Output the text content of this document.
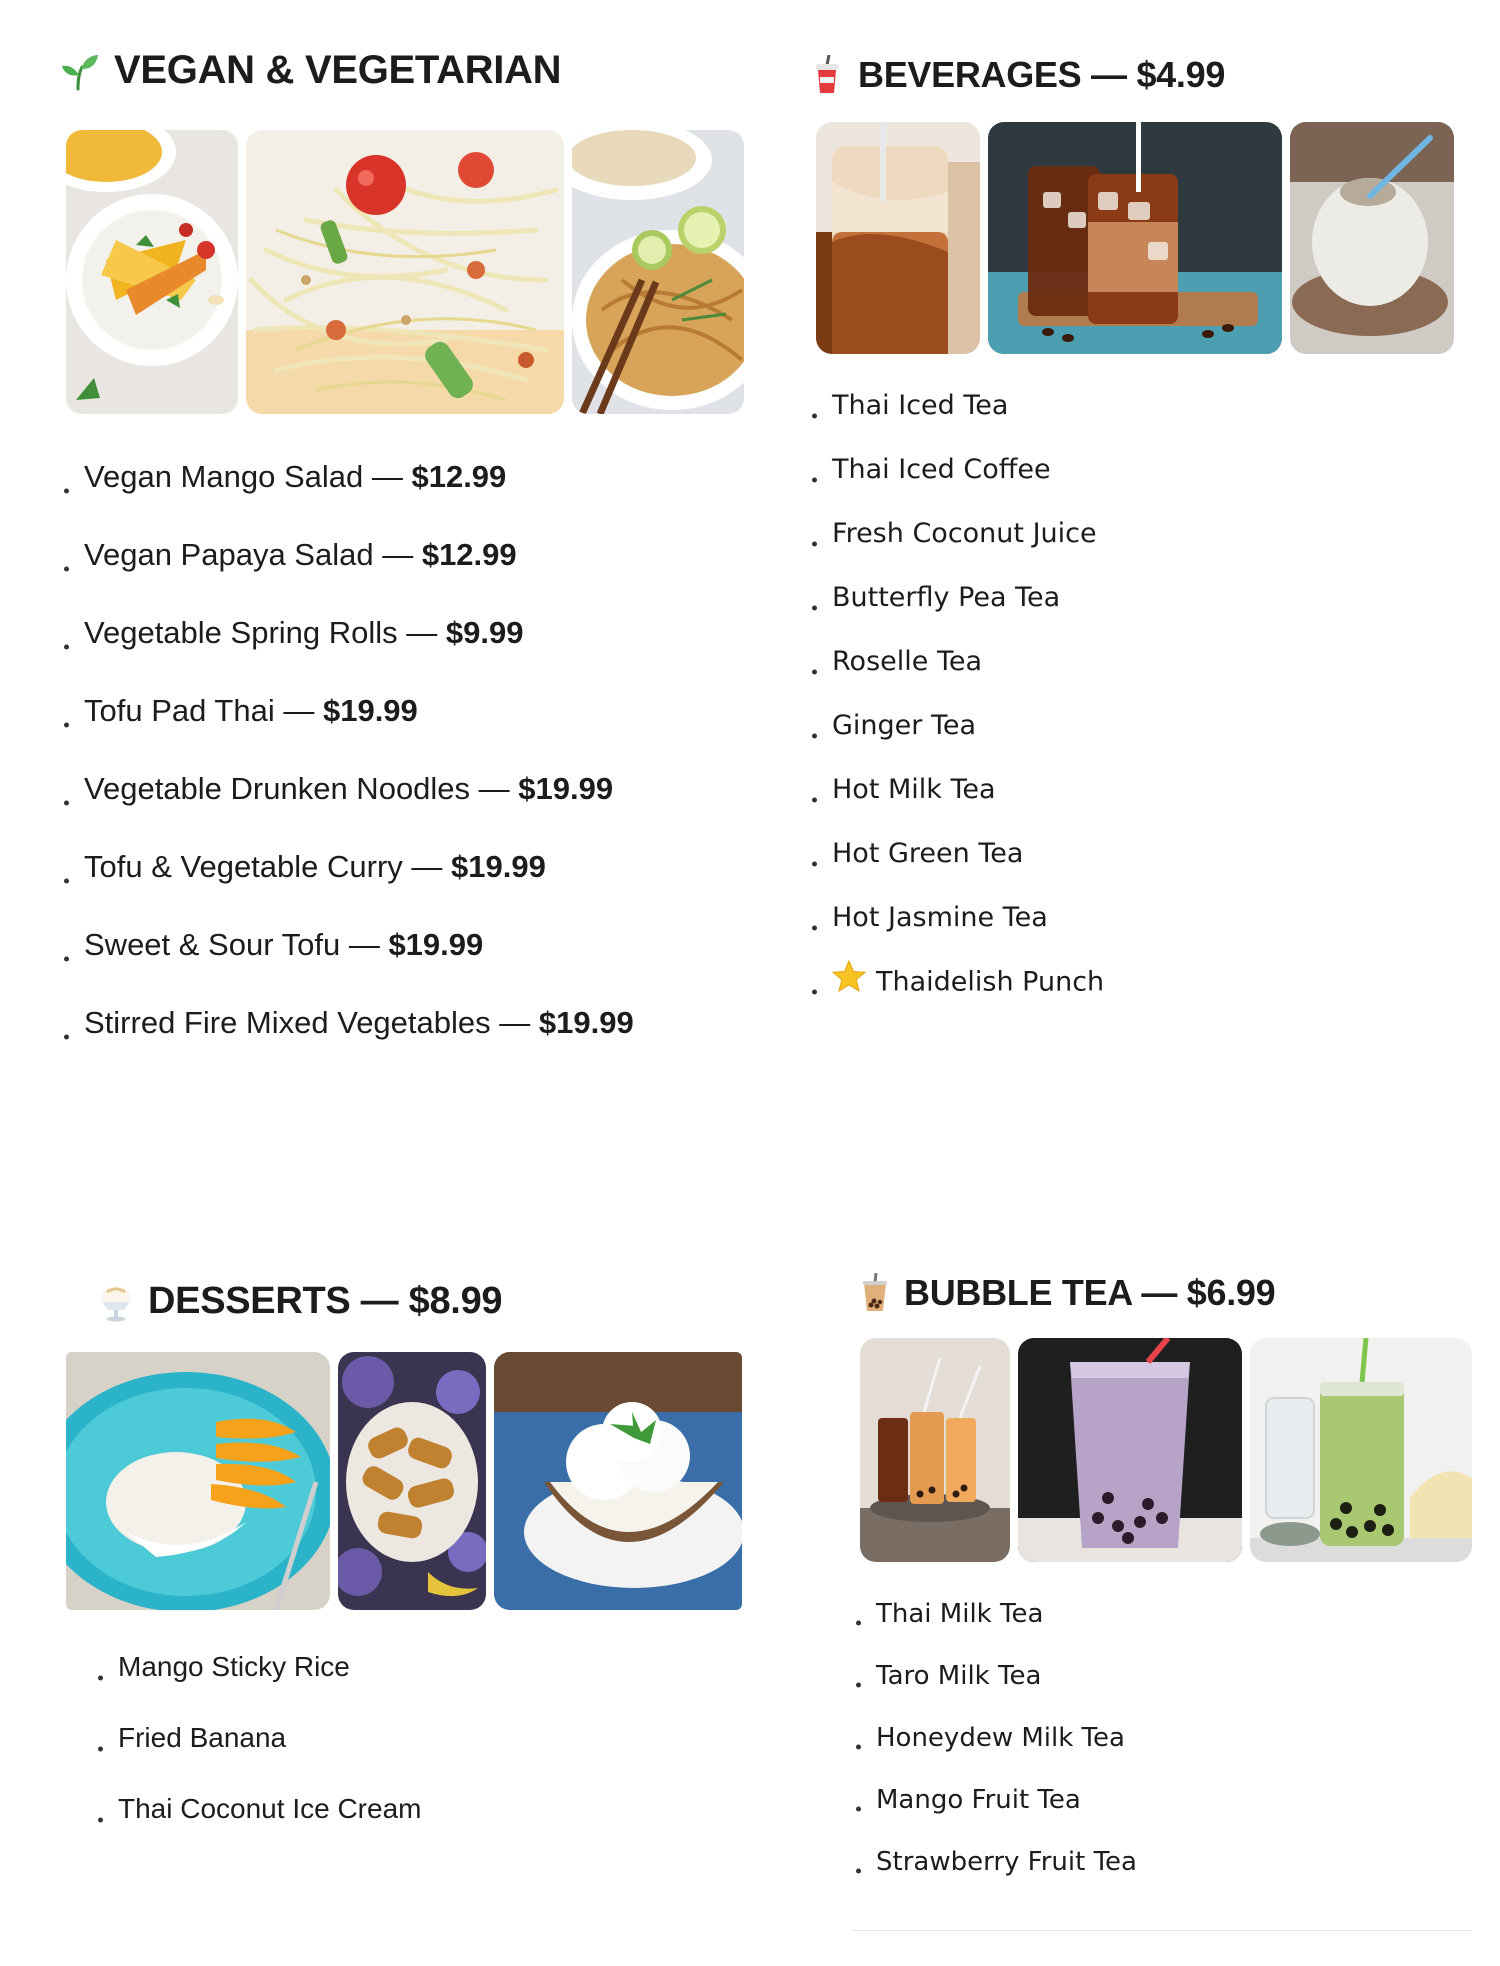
VEGAN & VEGETARIAN
Vegan Mango Salad — $12.99
Vegan Papaya Salad — $12.99
Vegetable Spring Rolls — $9.99
Tofu Pad Thai — $19.99
Vegetable Drunken Noodles — $19.99
Tofu & Vegetable Curry — $19.99
Sweet & Sour Tofu — $19.99
Stirred Fire Mixed Vegetables — $19.99
BEVERAGES — $4.99
Thai Iced Tea
Thai Iced Coffee
Fresh Coconut Juice
Butterfly Pea Tea
Roselle Tea
Ginger Tea
Hot Milk Tea
Hot Green Tea
Hot Jasmine Tea
Thaidelish Punch
DESSERTS — $8.99
Mango Sticky Rice
Fried Banana
Thai Coconut Ice Cream
BUBBLE TEA — $6.99
Thai Milk Tea
Taro Milk Tea
Honeydew Milk Tea
Mango Fruit Tea
Strawberry Fruit Tea
